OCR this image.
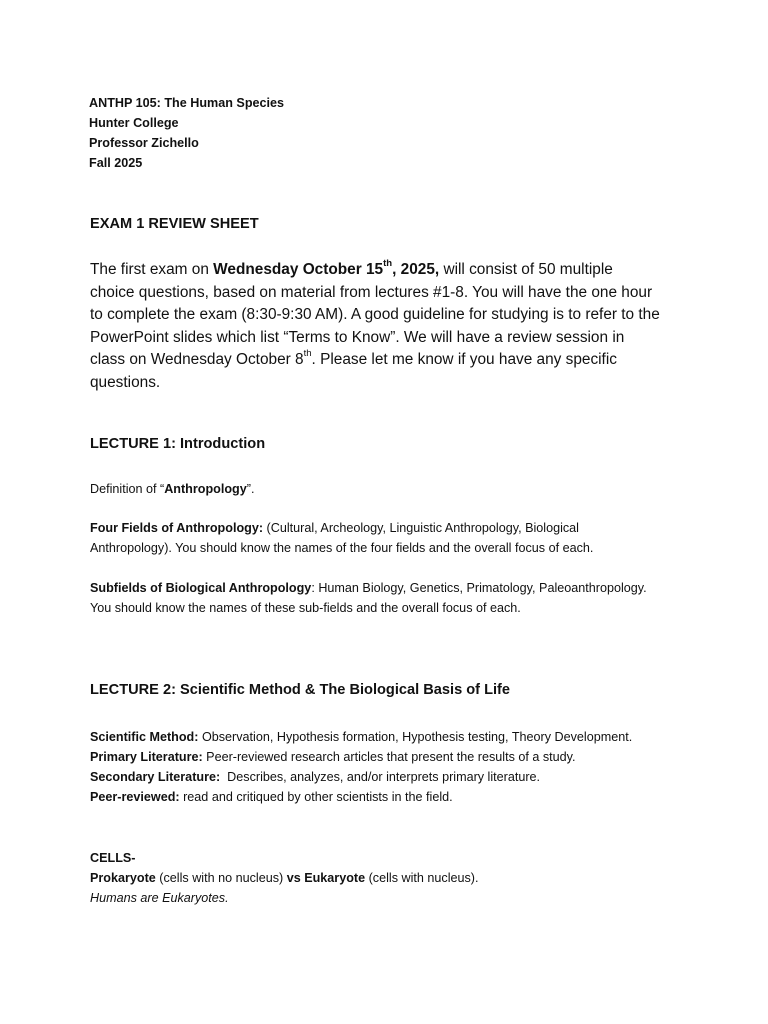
ANTHP 105: The Human Species
Hunter College
Professor Zichello
Fall 2025
EXAM 1 REVIEW SHEET
The first exam on Wednesday October 15th, 2025, will consist of 50 multiple choice questions, based on material from lectures #1-8. You will have the one hour to complete the exam (8:30-9:30 AM). A good guideline for studying is to refer to the PowerPoint slides which list “Terms to Know”. We will have a review session in class on Wednesday October 8th. Please let me know if you have any specific questions.
LECTURE 1: Introduction
Definition of “Anthropology”.
Four Fields of Anthropology: (Cultural, Archeology, Linguistic Anthropology, Biological Anthropology). You should know the names of the four fields and the overall focus of each.
Subfields of Biological Anthropology: Human Biology, Genetics, Primatology, Paleoanthropology. You should know the names of these sub-fields and the overall focus of each.
LECTURE 2: Scientific Method & The Biological Basis of Life
Scientific Method: Observation, Hypothesis formation, Hypothesis testing, Theory Development.
Primary Literature: Peer-reviewed research articles that present the results of a study.
Secondary Literature:  Describes, analyzes, and/or interprets primary literature.
Peer-reviewed: read and critiqued by other scientists in the field.
CELLS-
Prokaryote (cells with no nucleus) vs Eukaryote (cells with nucleus).
Humans are Eukaryotes.
